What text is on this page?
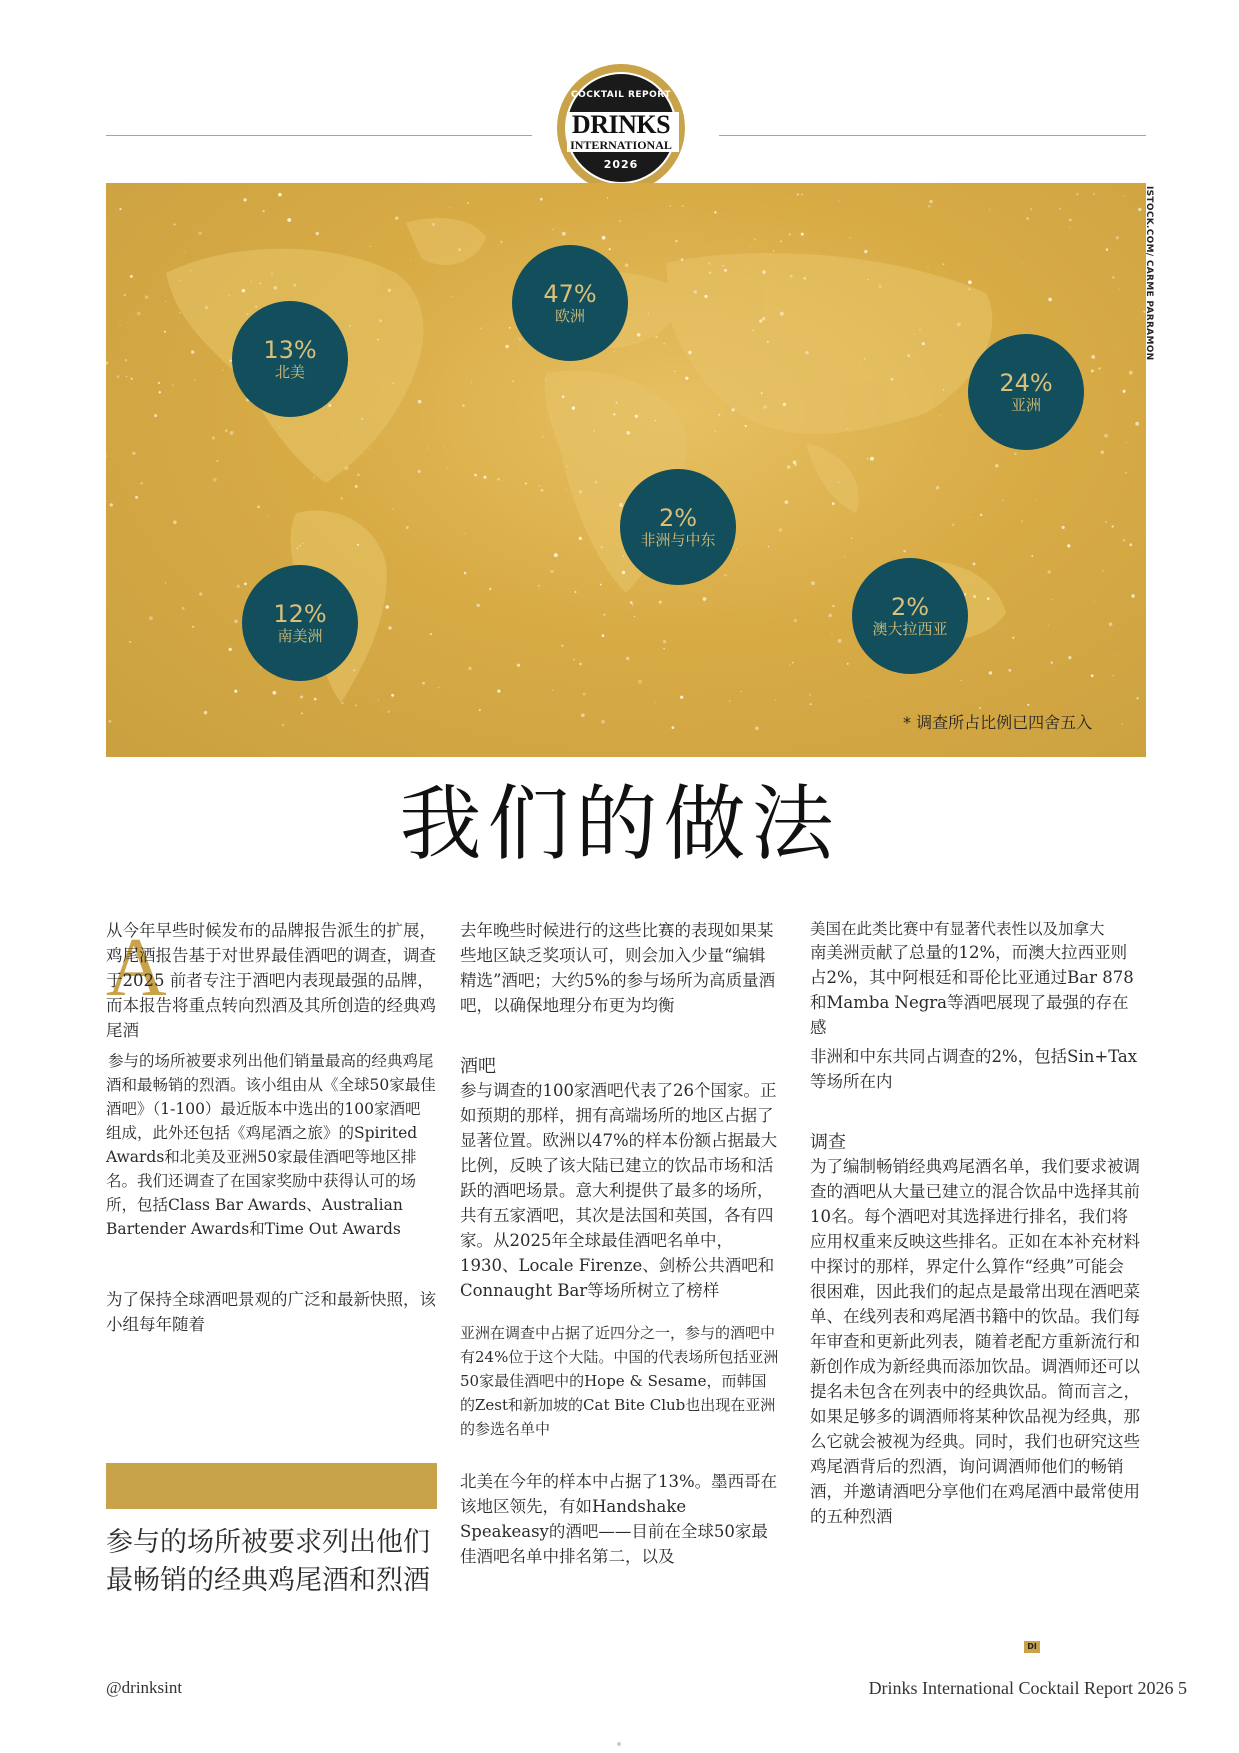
COCKTAIL REPORT
DRINKS
INTERNATIONAL
2026
13%
北美
47%
欧洲
24%
亚洲
2%
非洲与中东
12%
南美洲
2%
澳大拉西亚
ISTOCK.COM/ CARME PARRAMON
* 调查所占比例已四舍五入
我们的做法
A

从今年早些时候发布的品牌报告派生的扩展，鸡尾酒报告基于对世界最佳酒吧的调查，调查于2025 前者专注于酒吧内表现最强的品牌，而本报告将重点转向烈酒及其所创造的经典鸡尾酒

参与的场所被要求列出他们销量最高的经典鸡尾酒和最畅销的烈酒。该小组由从《全球50家最佳酒吧》（1-100）最近版本中选出的100家酒吧组成，此外还包括《鸡尾酒之旅》的Spirited Awards和北美及亚洲50家最佳酒吧等地区排名。我们还调查了在国家奖励中获得认可的场所，包括Class Bar Awards、Australian Bartender Awards和Time Out Awards

为了保持全球酒吧景观的广泛和最新快照，该小组每年随着

参与的场所被要求列出他们最畅销的经典鸡尾酒和烈酒

去年晚些时候进行的这些比赛的表现如果某些地区缺乏奖项认可，则会加入少量“编辑精选”酒吧；大约5%的参与场所为高质量酒吧，以确保地理分布更为均衡

酒吧

参与调查的100家酒吧代表了26个国家。正如预期的那样，拥有高端场所的地区占据了显著位置。欧洲以47%的样本份额占据最大比例，反映了该大陆已建立的饮品市场和活跃的酒吧场景。意大利提供了最多的场所，共有五家酒吧，其次是法国和英国，各有四家。从2025年全球最佳酒吧名单中，1930、Locale Firenze、剑桥公共酒吧和Connaught Bar等场所树立了榜样

亚洲在调查中占据了近四分之一，参与的酒吧中有24%位于这个大陆。中国的代表场所包括亚洲50家最佳酒吧中的Hope & Sesame，而韩国的Zest和新加坡的Cat Bite Club也出现在亚洲的参选名单中

北美在今年的样本中占据了13%。墨西哥在该地区领先，有如Handshake Speakeasy的酒吧——目前在全球50家最佳酒吧名单中排名第二，以及

美国在此类比赛中有显著代表性以及加拿大

南美洲贡献了总量的12%，而澳大拉西亚则占2%，其中阿根廷和哥伦比亚通过Bar 878和Mamba Negra等酒吧展现了最强的存在感

非洲和中东共同占调查的2%，包括Sin+Tax等场所在内

调查

为了编制畅销经典鸡尾酒名单，我们要求被调查的酒吧从大量已建立的混合饮品中选择其前10名。每个酒吧对其选择进行排名，我们将应用权重来反映这些排名。正如在本补充材料中探讨的那样，界定什么算作“经典”可能会很困难，因此我们的起点是最常出现在酒吧菜单、在线列表和鸡尾酒书籍中的饮品。我们每年审查和更新此列表，随着老配方重新流行和新创作成为新经典而添加饮品。调酒师还可以提名未包含在列表中的经典饮品。简而言之，如果足够多的调酒师将某种饮品视为经典，那么它就会被视为经典。同时，我们也研究这些鸡尾酒背后的烈酒，询问调酒师他们的畅销酒，并邀请酒吧分享他们在鸡尾酒中最常使用的五种烈酒

DI
@drinksint	Drinks International Cocktail Report 2026 5
